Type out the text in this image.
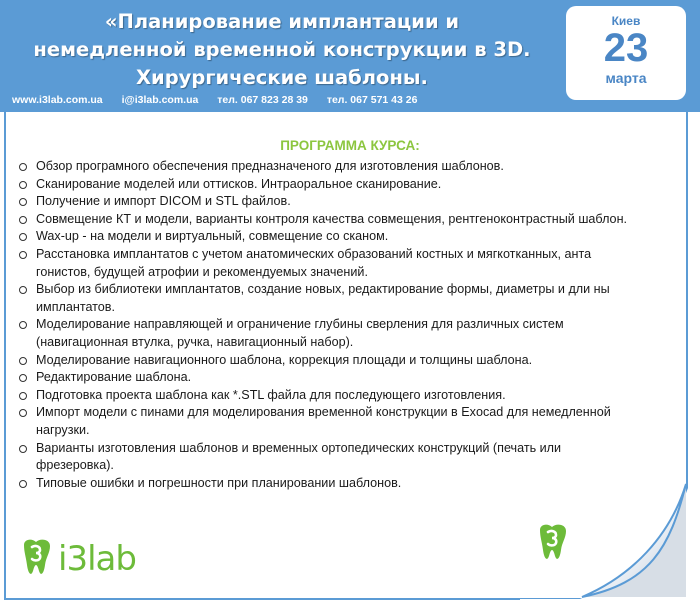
«Планирование имплантации и
немедленной временной конструкции в 3D.
Хирургические шаблоны.
www.i3lab.com.ua i@i3lab.com.ua тел. 067 823 28 39 тел. 067 571 43 26
Киев
23
марта
ПРОГРАММА КУРСА:
Обзор програмного обеспечения предназначеного для изготовления шаблонов.
Сканирование моделей или оттисков. Интраоральное сканирование.
Получение и импорт DICOM и STL файлов.
Совмещение КТ и модели, варианты контроля качества совмещения, рентгеноконтрастный шаблон.
Wax-up - на модели и виртуальный, совмещение со сканом.
Расстановка имплантатов с учетом анатомических образований костных и мягкотканных, анта гонистов, будущей атрофии и рекомендуемых значений.
Выбор из библиотеки имплантатов, создание новых, редактирование формы, диаметры и дли ны имплантатов.
Моделирование направляющей и ограничение глубины сверления для различных систем (навигационная втулка, ручка, навигационный набор).
Моделирование навигационного шаблона, коррекция площади и толщины шаблона.
Редактирование шаблона.
Подготовка проекта шаблона как *.STL файла для последующего изготовления.
Импорт модели с пинами для моделирования временной конструкции в Exocad для немедленной нагрузки.
Варианты изготовления шаблонов и временных ортопедических конструкций (печать или фрезеровка).
Типовые ошибки и погрешности при планировании шаблонов.
i3lab
